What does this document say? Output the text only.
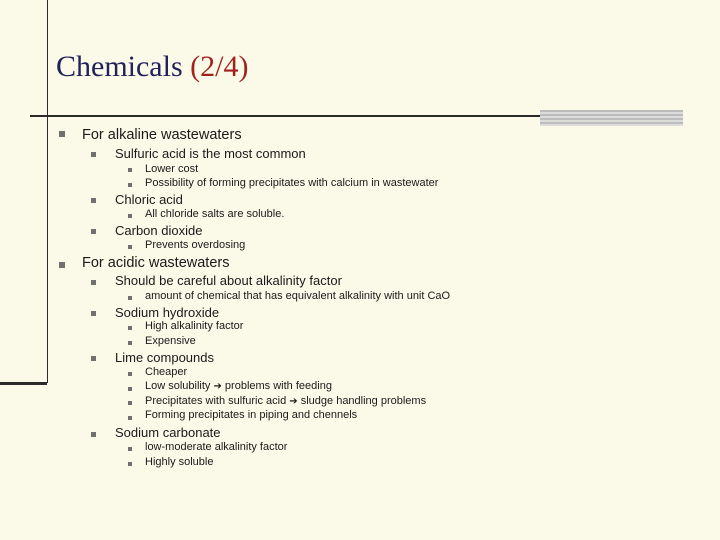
Chemicals (2/4)
For alkaline wastewaters
Sulfuric acid is the most common
Lower cost
Possibility of forming precipitates with calcium in wastewater
Chloric acid
All chloride salts are soluble.
Carbon dioxide
Prevents overdosing
For acidic wastewaters
Should be careful about alkalinity factor
amount of chemical that has equivalent alkalinity with unit CaO
Sodium hydroxide
High alkalinity factor
Expensive
Lime compounds
Cheaper
Low solubility ➔ problems with feeding
Precipitates with sulfuric acid ➔ sludge handling problems
Forming precipitates in piping and chennels
Sodium carbonate
low-moderate alkalinity factor
Highly soluble
